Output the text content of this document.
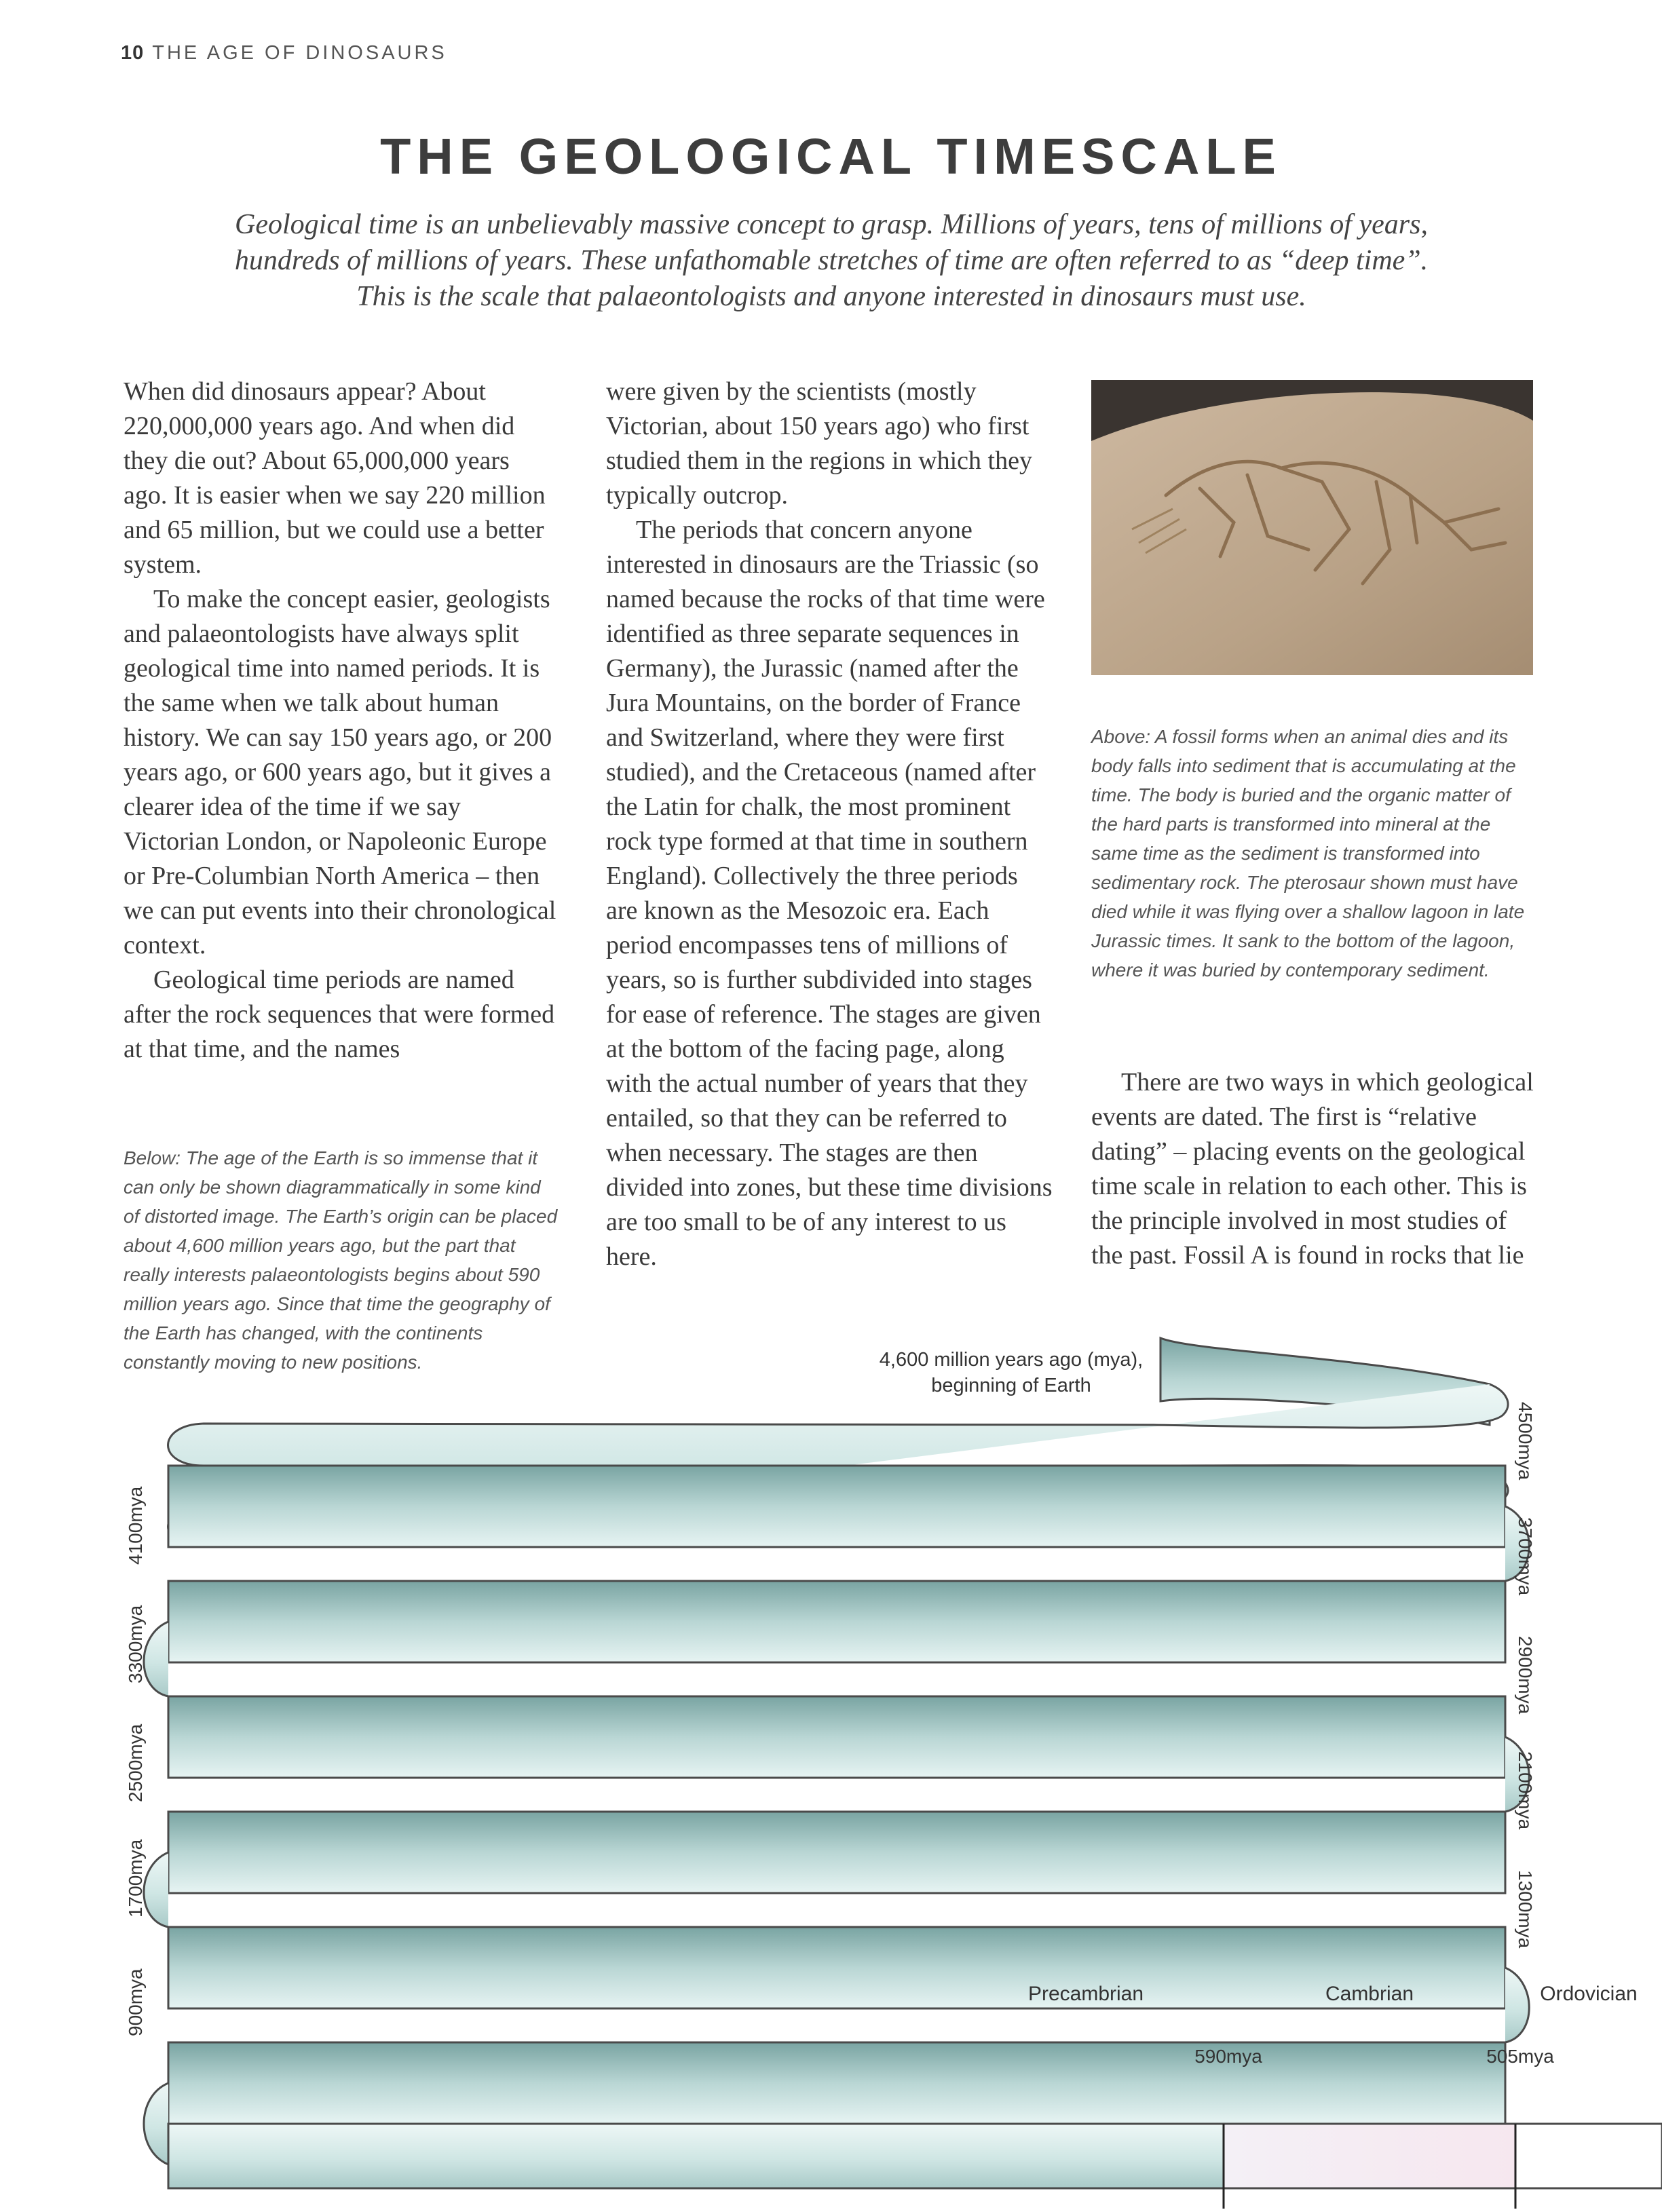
10 THE AGE OF DINOSAURS
THE GEOLOGICAL TIMESCALE
Geological time is an unbelievably massive concept to grasp. Millions of years, tens of millions of years,
hundreds of millions of years. These unfathomable stretches of time are often referred to as “deep time”.
This is the scale that palaeontologists and anyone interested in dinosaurs must use.

When did dinosaurs appear? About 220,000,000 years ago. And when did they die out? About 65,000,000 years ago. It is easier when we say 220 million and 65 million, but we could use a better system.

To make the concept easier, geologists and palaeontologists have always split geological time into named periods. It is the same when we talk about human history. We can say 150 years ago, or 200 years ago, or 600 years ago, but it gives a clearer idea of the time if we say Victorian London, or Napoleonic Europe or Pre-Columbian North America – then we can put events into their chronological context.

Geological time periods are named after the rock sequences that were formed at that time, and the names

were given by the scientists (mostly Victorian, about 150 years ago) who first studied them in the regions in which they typically outcrop.

The periods that concern anyone interested in dinosaurs are the Triassic (so named because the rocks of that time were identified as three separate sequences in Germany), the Jurassic (named after the Jura Mountains, on the border of France and Switzerland, where they were first studied), and the Cretaceous (named after the Latin for chalk, the most prominent rock type formed at that time in southern England). Collectively the three periods are known as the Mesozoic era. Each period encompasses tens of millions of years, so is further subdivided into stages for ease of reference. The stages are given at the bottom of the facing page, along with the actual number of years that they entailed, so that they can be referred to when necessary. The stages are then divided into zones, but these time divisions are too small to be of any interest to us here.

Above: A fossil forms when an animal dies and its body falls into sediment that is accumulating at the time. The body is buried and the organic matter of the hard parts is transformed into mineral at the same time as the sediment is transformed into sedimentary rock. The pterosaur shown must have died while it was flying over a shallow lagoon in late Jurassic times. It sank to the bottom of the lagoon, where it was buried by contemporary sediment.

There are two ways in which geological events are dated. The first is “relative dating” – placing events on the geological time scale in relation to each other. This is the principle involved in most studies of the past. Fossil A is found in rocks that lie

Below: The age of the Earth is so immense that it can only be shown diagrammatically in some kind of distorted image. The Earth’s origin can be placed about 4,600 million years ago, but the part that really interests palaeontologists begins about 590 million years ago. Since that time the geography of the Earth has changed, with the continents constantly moving to new positions.	4,600 million years ago (mya),
beginning of Earth
4500mya
3700mya
2900mya
2100mya
1300mya
4100mya
3300mya
2500mya
1700mya
900mya	Precambrian	Cambrian	Ordovician
590mya	505mya
